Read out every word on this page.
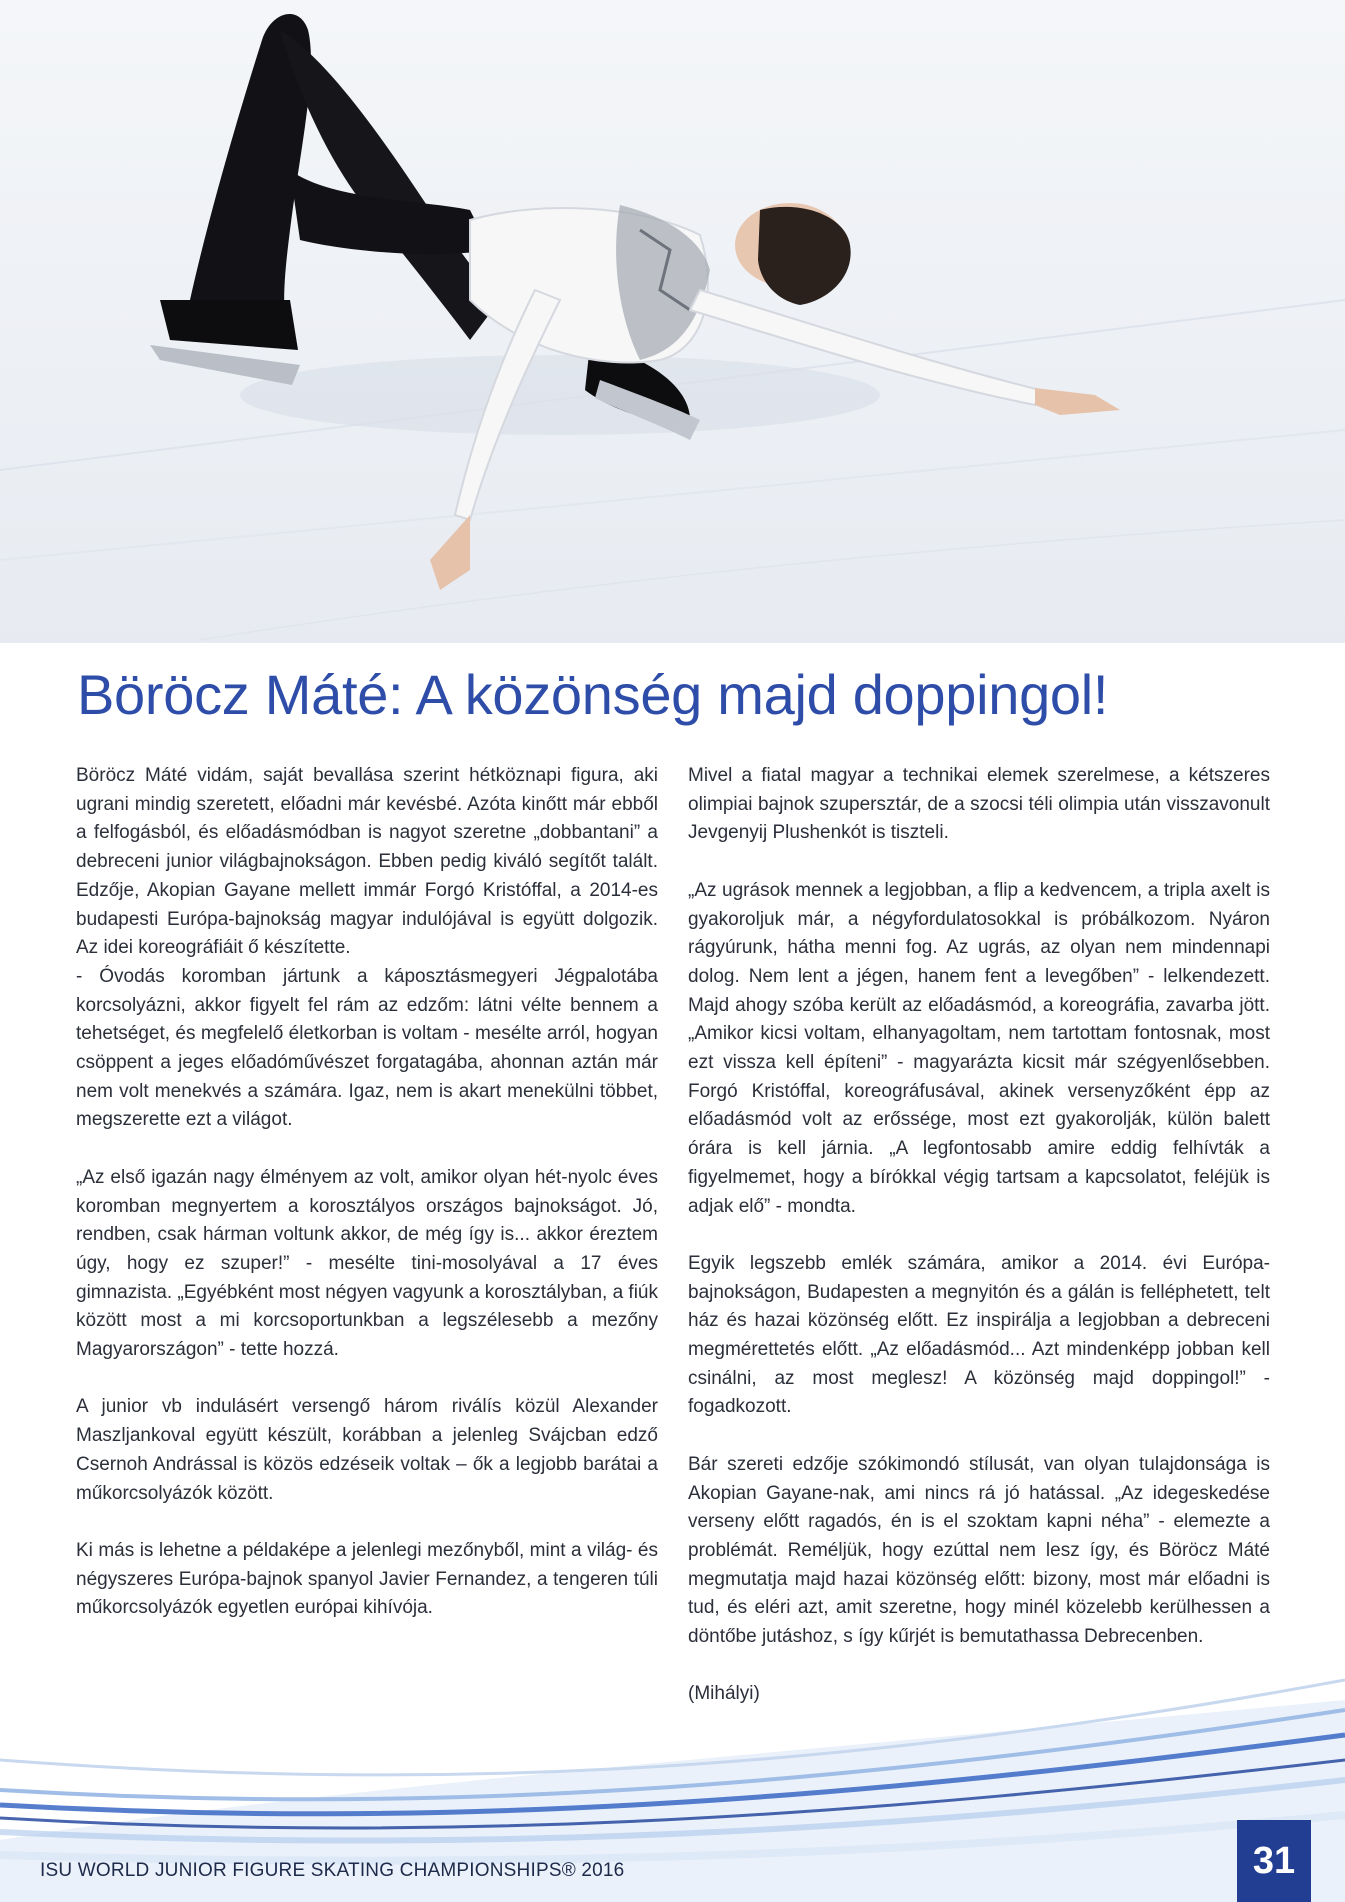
Böröcz Máté: A közönség majd doppingol!

Böröcz Máté vidám, saját bevallása szerint hétköznapi figura, aki ugrani mindig szeretett, előadni már kevésbé. Azóta kinőtt már ebből a felfogásból, és előadásmódban is nagyot szeretne „dobbantani” a debreceni junior világbajnokságon. Ebben pedig kiváló segítőt talált. Edzője, Akopian Gayane mellett immár Forgó Kristóffal, a 2014-es budapesti Európa-bajnokság magyar indulójával is együtt dolgozik. Az idei koreográfiáit ő készítette.

- Óvodás koromban jártunk a káposztásmegyeri Jégpalotába korcsolyázni, akkor figyelt fel rám az edzőm: látni vélte bennem a tehetséget, és megfelelő életkorban is voltam - mesélte arról, hogyan csöppent a jeges előadóművészet forgatagába, ahonnan aztán már nem volt menekvés a számára. Igaz, nem is akart menekülni többet, megszerette ezt a világot.

„Az első igazán nagy élményem az volt, amikor olyan hét-nyolc éves koromban megnyertem a korosztályos országos bajnokságot. Jó, rendben, csak hárman voltunk akkor, de még így is... akkor éreztem úgy, hogy ez szuper!” - mesélte tini-mosolyával a 17 éves gimnazista. „Egyébként most négyen vagyunk a korosztályban, a fiúk között most a mi korcsoportunkban a legszélesebb a mezőny Magyarországon” - tette hozzá.

A junior vb indulásért versengő három riválís közül Alexander Maszljankoval együtt készült, korábban a jelenleg Svájcban edző Csernoh Andrással is közös edzéseik voltak – ők a legjobb barátai a műkorcsolyázók között.

Ki más is lehetne a példaképe a jelenlegi mezőnyből, mint a világ- és négyszeres Európa-bajnok spanyol Javier Fernandez, a tengeren túli műkorcsolyázók egyetlen európai kihívója.

Mivel a fiatal magyar a technikai elemek szerelmese, a kétszeres olimpiai bajnok szupersztár, de a szocsi téli olimpia után visszavonult Jevgenyij Plushenkót is tiszteli.

„Az ugrások mennek a legjobban, a flip a kedvencem, a tripla axelt is gyakoroljuk már, a négyfordulatosokkal is próbálkozom. Nyáron rágyúrunk, hátha menni fog. Az ugrás, az olyan nem mindennapi dolog. Nem lent a jégen, hanem fent a levegőben” - lelkendezett. Majd ahogy szóba került az előadásmód, a koreográfia, zavarba jött. „Amikor kicsi voltam, elhanyagoltam, nem tartottam fontosnak, most ezt vissza kell építeni” - magyarázta kicsit már szégyenlősebben. Forgó Kristóffal, koreográfusával, akinek versenyzőként épp az előadásmód volt az erőssége, most ezt gyakorolják, külön balett órára is kell járnia. „A legfontosabb amire eddig felhívták a figyelmemet, hogy a bírókkal végig tartsam a kapcsolatot, feléjük is adjak elő” - mondta.

Egyik legszebb emlék számára, amikor a 2014. évi Európa-bajnokságon, Budapesten a megnyitón és a gálán is felléphetett, telt ház és hazai közönség előtt. Ez inspirálja a legjobban a debreceni megmérettetés előtt. „Az előadásmód... Azt mindenképp jobban kell csinálni, az most meglesz! A közönség majd doppingol!” - fogadkozott.

Bár szereti edzője szókimondó stílusát, van olyan tulajdonsága is Akopian Gayane-nak, ami nincs rá jó hatással. „Az idegeskedése verseny előtt ragadós, én is el szoktam kapni néha” - elemezte a problémát. Reméljük, hogy ezúttal nem lesz így, és Böröcz Máté megmutatja majd hazai közönség előtt: bizony, most már előadni is tud, és eléri azt, amit szeretne, hogy minél közelebb kerülhessen a döntőbe jutáshoz, s így kűrjét is bemutathassa Debrecenben.

(Mihályi)

ISU WORLD JUNIOR FIGURE SKATING CHAMPIONSHIPS® 2016	31
